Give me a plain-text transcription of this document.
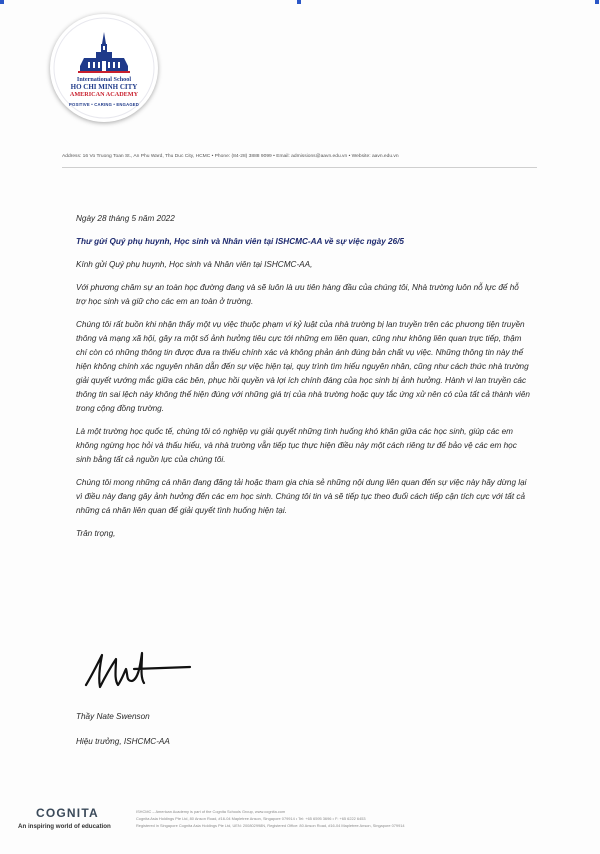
International School
HO CHI MINH CITY
AMERICAN ACADEMY
POSITIVE • CARING • ENGAGED
Address: 16 Vo Truong Toan St., An Phu Ward, Thu Duc City, HCMC • Phone: (84-28) 3888 9099 • Email: admissions@aavn.edu.vn • Website: aavn.edu.vn

Ngày 28 tháng 5 năm 2022

Thư gửi Quý phụ huynh, Học sinh và Nhân viên tại ISHCMC-AA về sự việc ngày 26/5

Kính gửi Quý phụ huynh, Học sinh và Nhân viên tại ISHCMC-AA,

Với phương châm sự an toàn học đường đang và sẽ luôn là ưu tiên hàng đầu của chúng tôi, Nhà trường luôn nỗ lực để hỗ trợ học sinh và giữ cho các em an toàn ở trường.

Chúng tôi rất buồn khi nhận thấy một vụ việc thuộc phạm vi kỷ luật của nhà trường bị lan truyền trên các phương tiện truyền thông và mạng xã hội, gây ra một số ảnh hưởng tiêu cực tới những em liên quan, cũng như không liên quan trực tiếp, thậm chí còn có những thông tin được đưa ra thiếu chính xác và không phản ánh đúng bản chất vụ việc. Những thông tin này thể hiện không chính xác nguyên nhân dẫn đến sự việc hiện tại, quy trình tìm hiểu nguyên nhân, cũng như cách thức nhà trường giải quyết vướng mắc giữa các bên, phục hồi quyền và lợi ích chính đáng của học sinh bị ảnh hưởng. Hành vi lan truyền các thông tin sai lệch này không thể hiện đúng với những giá trị của nhà trường hoặc quy tắc ứng xử nên có của tất cả thành viên trong cộng đồng trường.

Là một trường học quốc tế, chúng tôi có nghiệp vụ giải quyết những tình huống khó khăn giữa các học sinh, giúp các em không ngừng học hỏi và thấu hiểu, và nhà trường vẫn tiếp tục thực hiện điều này một cách riêng tư để bảo vệ các em học sinh bằng tất cả nguồn lực của chúng tôi.

Chúng tôi mong những cá nhân đang đăng tải hoặc tham gia chia sẻ những nội dung liên quan đến sự việc này hãy dừng lại vì điều này đang gây ảnh hưởng đến các em học sinh. Chúng tôi tin và sẽ tiếp tục theo đuổi cách tiếp cận tích cực với tất cả những cá nhân liên quan để giải quyết tình huống hiện tại.

Trân trọng,

Thầy Nate Swenson
Hiệu trưởng, ISHCMC-AA
COGNITA
An inspiring world of education
ISHCMC – American Academy is part of the Cognita Schools Group, www.cognita.com
Cognita Asia Holdings Pte Ltd, 80 Anson Road, #16-04 Mapletree Anson, Singapore 079914 • Tel: +65 6595 3696 • F: +65 6222 6453
Registered in Singapore Cognita Asia Holdings Pte Ltd, UEN: 200802998N, Registered Office: 80 Anson Road, #16-04 Mapletree Anson, Singapore 079914
